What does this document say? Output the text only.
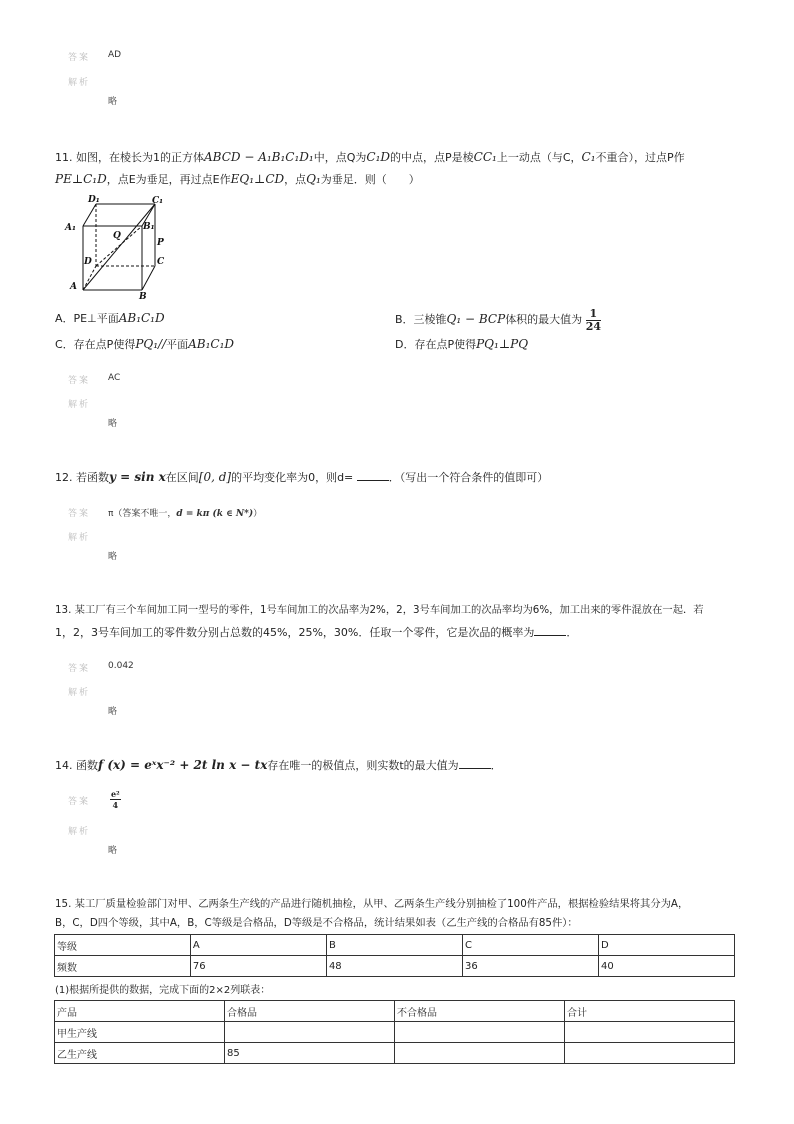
答案 AD
解析
略
11. 如图，在棱长为1的正方体ABCD − A₁B₁C₁D₁中，点Q为C₁D的中点，点P是棱CC₁上一动点（与C，C₁不重合），过点P作
PE⊥C₁D，点E为垂足，再过点E作EQ₁⊥CD，点Q₁为垂足．则（　　）
D₁	C₁
A₁
Q
B₁
P
D	C
A
B
A．PE⊥平面AB₁C₁D	B．三棱锥Q₁ − BCP体积的最大值为 $\frac{1}{24}$
C．存在点P使得PQ₁//平面AB₁C₁D	D．存在点P使得PQ₁⊥PQ
答案 AC
解析
略
12. 若函数y = sin x在区间[0, d]的平均变化率为0，则d=	．（写出一个符合条件的值即可）
答案 π（答案不唯一，d = kπ (k ∈ N*)）
解析
略
13. 某工厂有三个车间加工同一型号的零件，1号车间加工的次品率为2%，2，3号车间加工的次品率均为6%，加工出来的零件混放在一起．若
1，2，3号车间加工的零件数分别占总数的45%，25%，30%．任取一个零件，它是次品的概率为	．
答案 0.042
解析
略
14. 函数f (x) = eˣx⁻² + 2t ln x − tx存在唯一的极值点，则实数t的最大值为	．
答案 $\frac{\text{e²}}{4}$
解析
略
15. 某工厂质量检验部门对甲、乙两条生产线的产品进行随机抽检，从甲、乙两条生产线分别抽检了100件产品，根据检验结果将其分为A，
B，C，D四个等级，其中A，B，C等级是合格品，D等级是不合格品，统计结果如表（乙生产线的合格品有85件）：
等级	A	B	C	D
频数	76	48	36	40
(1)根据所提供的数据，完成下面的2×2列联表：
产品	合格品	不合格品	合计
甲生产线			
乙生产线	85		
